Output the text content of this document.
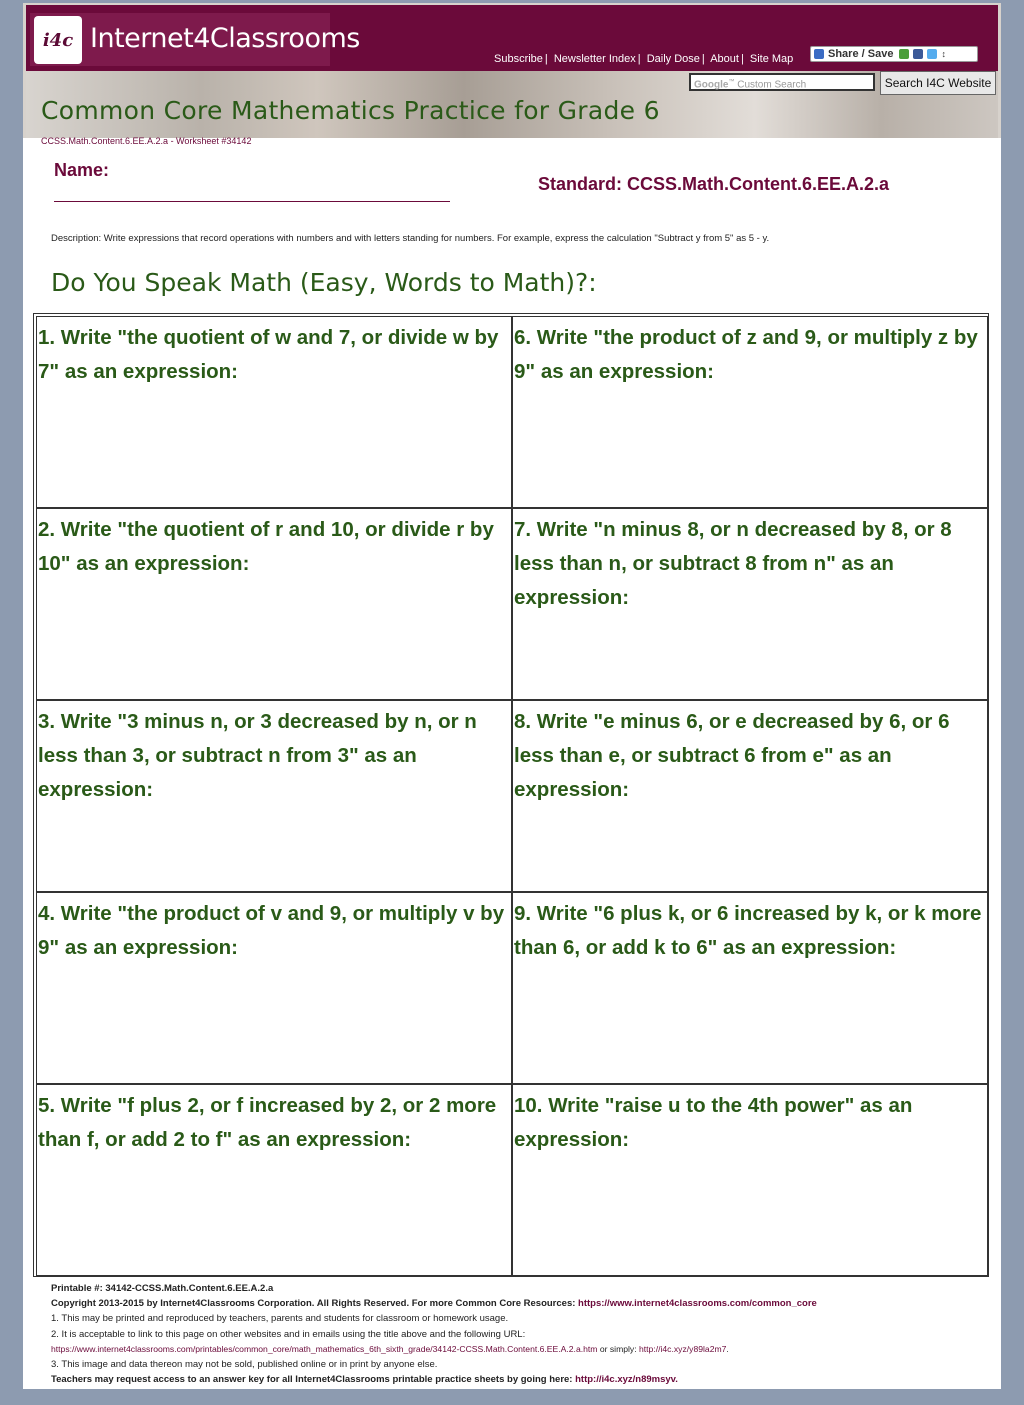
i4c Internet4Classrooms
Subscribe | Newsletter Index | Daily Dose | About | Site Map	Share / Save	↕
Google™ Custom Search	Search I4C Website
Common Core Mathematics Practice for Grade 6
CCSS.Math.Content.6.EE.A.2.a - Worksheet #34142
Name:
Standard: CCSS.Math.Content.6.EE.A.2.a
Description: Write expressions that record operations with numbers and with letters standing for numbers. For example, express the calculation "Subtract y from 5" as 5 - y.
Do You Speak Math (Easy, Words to Math)?:
1. Write "the quotient of w and 7, or divide w by 7" as an expression:
2. Write "the quotient of r and 10, or divide r by 10" as an expression:
3. Write "3 minus n, or 3 decreased by n, or n less than 3, or subtract n from 3" as an expression:
4. Write "the product of v and 9, or multiply v by 9" as an expression:
5. Write "f plus 2, or f increased by 2, or 2 more than f, or add 2 to f" as an expression:
6. Write "the product of z and 9, or multiply z by 9" as an expression:
7. Write "n minus 8, or n decreased by 8, or 8 less than n, or subtract 8 from n" as an expression:
8. Write "e minus 6, or e decreased by 6, or 6 less than e, or subtract 6 from e" as an expression:
9. Write "6 plus k, or 6 increased by k, or k more than 6, or add k to 6" as an expression:
10. Write "raise u to the 4th power" as an expression:
Printable #: 34142-CCSS.Math.Content.6.EE.A.2.a
Copyright 2013-2015 by Internet4Classrooms Corporation. All Rights Reserved. For more Common Core Resources: https://www.internet4classrooms.com/common_core
1. This may be printed and reproduced by teachers, parents and students for classroom or homework usage.
2. It is acceptable to link to this page on other websites and in emails using the title above and the following URL:
https://www.internet4classrooms.com/printables/common_core/math_mathematics_6th_sixth_grade/34142-CCSS.Math.Content.6.EE.A.2.a.htm or simply: http://i4c.xyz/y89la2m7.
3. This image and data thereon may not be sold, published online or in print by anyone else.
Teachers may request access to an answer key for all Internet4Classrooms printable practice sheets by going here: http://i4c.xyz/n89msyv.
